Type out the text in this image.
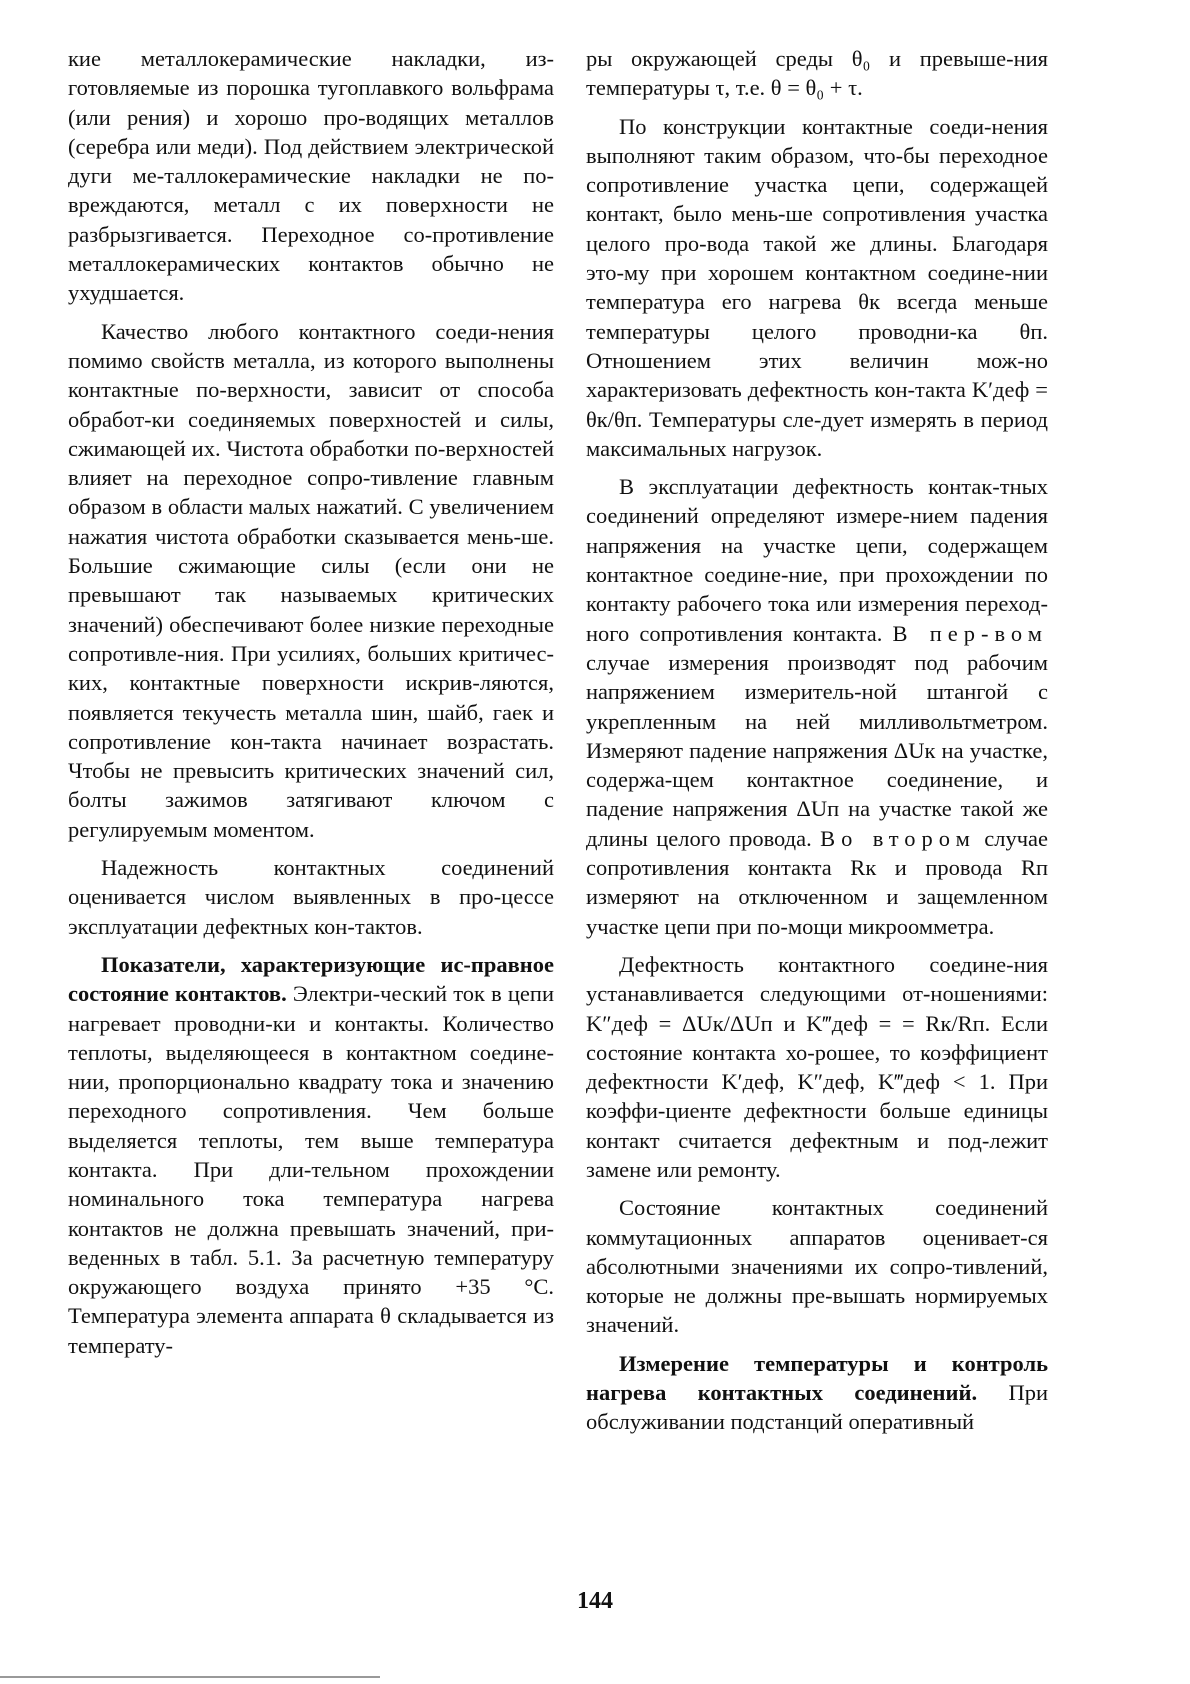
кие металлокерамические накладки, из-готовляемые из порошка тугоплавкого вольфрама (или рения) и хорошо про-водящих металлов (серебра или меди). Под действием электрической дуги ме-таллокерамические накладки не по-вреждаются, металл с их поверхности не разбрызгивается. Переходное со-противление металлокерамических контактов обычно не ухудшается.

Качество любого контактного соеди-нения помимо свойств металла, из которого выполнены контактные по-верхности, зависит от способа обработ-ки соединяемых поверхностей и силы, сжимающей их. Чистота обработки по-верхностей влияет на переходное сопро-тивление главным образом в области малых нажатий. С увеличением нажатия чистота обработки сказывается мень-ше. Большие сжимающие силы (если они не превышают так называемых критических значений) обеспечивают более низкие переходные сопротивле-ния. При усилиях, больших критичес-ких, контактные поверхности искрив-ляются, появляется текучесть металла шин, шайб, гаек и сопротивление кон-такта начинает возрастать. Чтобы не превысить критических значений сил, болты зажимов затягивают ключом с регулируемым моментом.

Надежность контактных соединений оценивается числом выявленных в про-цессе эксплуатации дефектных кон-тактов.

Показатели, характеризующие ис-правное состояние контактов. Электри-ческий ток в цепи нагревает проводни-ки и контакты. Количество теплоты, выделяющееся в контактном соедине-нии, пропорционально квадрату тока и значению переходного сопротивления. Чем больше выделяется теплоты, тем выше температура контакта. При дли-тельном прохождении номинального тока температура нагрева контактов не должна превышать значений, при-веденных в табл. 5.1. За расчетную температуру окружающего воздуха принято +35 °С. Температура элемента аппарата θ складывается из температу-

ры окружающей среды θ₀ и превыше-ния температуры τ, т.е. θ = θ₀ + τ.

По конструкции контактные соеди-нения выполняют таким образом, что-бы переходное сопротивление участка цепи, содержащей контакт, было мень-ше сопротивления участка целого про-вода такой же длины. Благодаря это-му при хорошем контактном соедине-нии температура его нагрева θк всегда меньше температуры целого проводни-ка θп. Отношением этих величин мож-но характеризовать дефектность кон-такта K′деф = θк/θп. Температуры сле-дует измерять в период максимальных нагрузок.

В эксплуатации дефектность контак-тных соединений определяют измере-нием падения напряжения на участке цепи, содержащем контактное соедине-ние, при прохождении по контакту рабочего тока или измерения переход-ного сопротивления контакта. В пер-вом случае измерения производят под рабочим напряжением измеритель-ной штангой с укрепленным на ней милливольтметром. Измеряют падение напряжения ΔUк на участке, содержа-щем контактное соединение, и падение напряжения ΔUп на участке такой же длины целого провода. Во втором случае сопротивления контакта Rк и провода Rп измеряют на отключенном и защемленном участке цепи при по-мощи микроомметра.

Дефектность контактного соедине-ния устанавливается следующими от-ношениями: K″деф = ΔUк/ΔUп и K‴деф = = Rк/Rп. Если состояние контакта хо-рошее, то коэффициент дефектности K′деф, K″деф, K‴деф < 1. При коэффи-циенте дефектности больше единицы контакт считается дефектным и под-лежит замене или ремонту.

Состояние контактных соединений коммутационных аппаратов оценивает-ся абсолютными значениями их сопро-тивлений, которые не должны пре-вышать нормируемых значений.

Измерение температуры и контроль нагрева контактных соединений. При обслуживании подстанций оперативный

144
